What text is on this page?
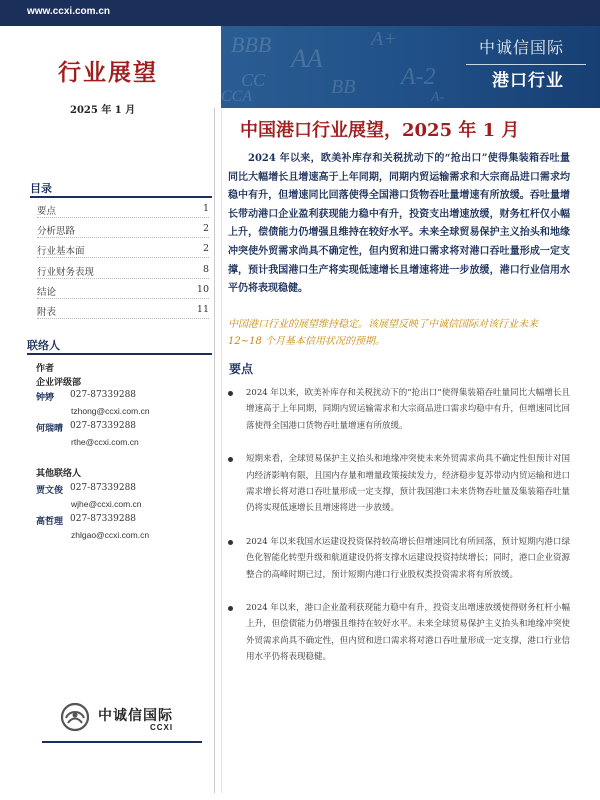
www.ccxi.com.cn
BBB AA
A+
CC	BB A-2
CCA	A-
中诚信国际
港口行业
行业展望
2025 年 1 月
目录
要点	1
分析思路	2
行业基本面	2
行业财务表现	8
结论	10
附表	11
联络人
作者
企业评级部
钟婷 027-87339288
tzhong@ccxi.com.cn
何瑞晴 027-87339288
rthe@ccxi.com.cn
其他联络人
贾文俊 027-87339288
wjhe@ccxi.com.cn
高哲理 027-87339288
zhlgao@ccxi.com.cn
中国港口行业展望，2025 年 1 月
2024 年以来，欧美补库存和关税扰动下的“抢出口”使得集装箱吞吐量同比大幅增长且增速高于上年同期，同期内贸运输需求和大宗商品进口需求均稳中有升，但增速同比回落使得全国港口货物吞吐量增速有所放缓。吞吐量增长带动港口企业盈利获现能力稳中有升，投资支出增速放缓，财务杠杆仅小幅上升，偿债能力仍增强且维持在较好水平。未来全球贸易保护主义抬头和地缘冲突使外贸需求尚具不确定性，但内贸和进口需求将对港口吞吐量形成一定支撑，预计我国港口生产将实现低速增长且增速将进一步放缓，港口行业信用水平仍将表现稳健。
中国港口行业的展望维持稳定。该展望反映了中诚信国际对该行业未来 12~18 个月基本信用状况的预期。
要点
2024 年以来，欧美补库存和关税扰动下的“抢出口”使得集装箱吞吐量同比大幅增长且增速高于上年同期，同期内贸运输需求和大宗商品进口需求均稳中有升，但增速同比回落使得全国港口货物吞吐量增速有所放缓。
短期来看，全球贸易保护主义抬头和地缘冲突使未来外贸需求尚具不确定性但预计对国内经济影响有限，且国内存量和增量政策接续发力，经济稳步复苏带动内贸运输和进口需求增长将对港口吞吐量形成一定支撑，预计我国港口未来货物吞吐量及集装箱吞吐量仍将实现低速增长且增速将进一步放缓。
2024 年以来我国水运建设投资保持较高增长但增速同比有所回落，预计短期内港口绿色化智能化转型升级和航道建设仍将支撑水运建设投资持续增长；同时，港口企业资源整合的高峰时期已过，预计短期内港口行业股权类投资需求将有所放缓。
2024 年以来，港口企业盈利获现能力稳中有升，投资支出增速放缓使得财务杠杆小幅上升，但偿债能力仍增强且维持在较好水平。未来全球贸易保护主义抬头和地缘冲突使外贸需求尚具不确定性，但内贸和进口需求将对港口吞吐量形成一定支撑，港口行业信用水平仍将表现稳健。
中诚信国际
CCXI
